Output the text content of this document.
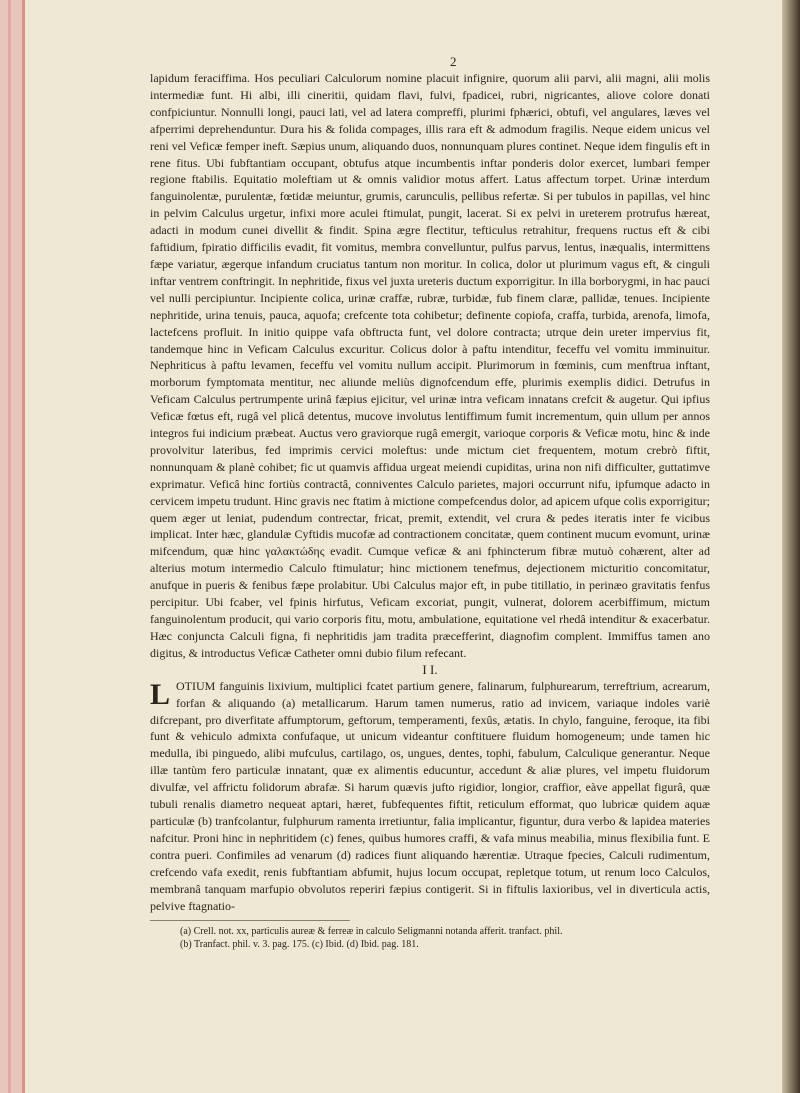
2

lapidum feraciffima. Hos peculiari Calculorum nomine placuit infignire, quorum alii parvi, alii magni, alii molis intermediæ funt. Hi albi, illi cineritii, quidam flavi, fulvi, fpadicei, rubri, nigricantes, aliove colore donati confpiciuntur. Nonnulli longi, pauci lati, vel ad latera compreffi, plurimi fphærici, obtufi, vel angulares, læves vel afperrimi deprehenduntur. Dura his & folida compages, illis rara eft & admodum fragilis. Neque eidem unicus vel reni vel Veficæ femper ineft. Sæpius unum, aliquando duos, nonnunquam plures continet. Neque idem fingulis eft in rene fitus. Ubi fubftantiam occupant, obtufus atque incumbentis inftar ponderis dolor exercet, lumbari femper regione ftabilis. Equitatio moleftiam ut & omnis validior motus affert. Latus affectum torpet. Urinæ interdum fanguinolentæ, purulentæ, fœtidæ meiuntur, grumis, carunculis, pellibus refertæ. Si per tubulos in papillas, vel hinc in pelvim Calculus urgetur, infixi more aculei ftimulat, pungit, lacerat. Si ex pelvi in ureterem protrufus hæreat, adacti in modum cunei divellit & findit. Spina ægre flectitur, tefticulus retrahitur, frequens ructus eft & cibi faftidium, fpiratio difficilis evadit, fit vomitus, membra convelluntur, pulfus parvus, lentus, inæqualis, intermittens fæpe variatur, ægerque infandum cruciatus tantum non moritur. In colica, dolor ut plurimum vagus eft, & cinguli inftar ventrem conftringit. In nephritide, fixus vel juxta ureteris ductum exporrigitur. In illa borborygmi, in hac pauci vel nulli percipiuntur. Incipiente colica, urinæ craffæ, rubræ, turbidæ, fub finem claræ, pallidæ, tenues. Incipiente nephritide, urina tenuis, pauca, aquofa; crefcente tota cohibetur; definente copiofa, craffa, turbida, arenofa, limofa, lactefcens profluit. In initio quippe vafa obftructa funt, vel dolore contracta; utrque dein ureter impervius fit, tandemque hinc in Veficam Calculus excuritur. Colicus dolor à paftu intenditur, feceffu vel vomitu imminuitur. Nephriticus à paftu levamen, feceffu vel vomitu nullum accipit. Plurimorum in fœminis, cum menftrua inftant, morborum fymptomata mentitur, nec aliunde meliùs dignofcendum effe, plurimis exemplis didici. Detrufus in Veficam Calculus pertrumpente urinâ fæpius ejicitur, vel urinæ intra veficam innatans crefcit & augetur. Qui ipfius Veficæ fœtus eft, rugâ vel plicâ detentus, mucove involutus lentiffimum fumit incrementum, quin ullum per annos integros fui indicium præbeat. Auctus vero graviorque rugâ emergit, varioque corporis & Veficæ motu, hinc & inde provolvitur lateribus, fed imprimis cervici moleftus: unde mictum ciet frequentem, motum crebrò fiftit, nonnunquam & planè cohibet; fic ut quamvis affidua urgeat meiendi cupiditas, urina non nifi difficulter, guttatimve exprimatur. Veficâ hinc fortiùs contractâ, conniventes Calculo parietes, majori occurrunt nifu, ipfumque adacto in cervicem impetu trudunt. Hinc gravis nec ftatim à mictione compefcendus dolor, ad apicem ufque colis exporrigitur; quem æger ut leniat, pudendum contrectar, fricat, premit, extendit, vel crura & pedes iteratis inter fe vicibus implicat. Inter hæc, glandulæ Cyftidis mucofæ ad contractionem concitatæ, quem continent mucum evomunt, urinæ mifcendum, quæ hinc γαλακτώδης evadit. Cumque veficæ & ani fphincterum fibræ mutuò cohærent, alter ad alterius motum intermedio Calculo ftimulatur; hinc mictionem tenefmus, dejectionem micturitio concomitatur, anufque in pueris & fenibus fæpe prolabitur. Ubi Calculus major eft, in pube titillatio, in perinæo gravitatis fenfus percipitur. Ubi fcaber, vel fpinis hirfutus, Veficam excoriat, pungit, vulnerat, dolorem acerbiffimum, mictum fanguinolentum producit, qui vario corporis fitu, motu, ambulatione, equitatione vel rhedâ intenditur & exacerbatur. Hæc conjuncta Calculi figna, fi nephritidis jam tradita præcefferint, diagnofim complent. Immiffus tamen ano digitus, & introductus Veficæ Catheter omni dubio filum refecant.

I I.

L OTIUM fanguinis lixivium, multiplici fcatet partium genere, falinarum, fulphurearum, terreftrium, acrearum, forfan & aliquando (a) metallicarum. Harum tamen numerus, ratio ad invicem, variaque indoles variè difcrepant, pro diverfitate affumptorum, geftorum, temperamenti, fexûs, ætatis. In chylo, fanguine, feroque, ita fibi funt & vehiculo admixta confufaque, ut unicum videantur conftituere fluidum homogeneum; unde tamen hic medulla, ibi pinguedo, alibi mufculus, cartilago, os, ungues, dentes, tophi, fabulum, Calculique generantur. Neque illæ tantùm fero particulæ innatant, quæ ex alimentis educuntur, accedunt & aliæ plures, vel impetu fluidorum divulfæ, vel affrictu folidorum abrafæ. Si harum quævis jufto rigidior, longior, craffior, eàve appellat figurâ, quæ tubuli renalis diametro nequeat aptari, hæret, fubfequentes fiftit, reticulum efformat, quo lubricæ quidem aquæ particulæ (b) tranfcolantur, fulphurum ramenta irretiuntur, falia implicantur, figuntur, dura verbo & lapidea materies nafcitur. Proni hinc in nephritidem (c) fenes, quibus humores craffi, & vafa minus meabilia, minus flexibilia funt. E contra pueri. Confimiles ad venarum (d) radices fiunt aliquando hærentiæ. Utraque fpecies, Calculi rudimentum, crefcendo vafa exedit, renis fubftantiam abfumit, hujus locum occupat, repletque totum, ut renum loco Calculos, membranâ tanquam marfupio obvolutos reperiri fæpius contigerit. Si in fiftulis laxioribus, vel in diverticula actis, pelvive ftagnatio-

(a) Crell. not. xx, particulis aureæ & ferreæ in calculo Seligmanni notanda afferit. tranfact. phil.

(b) Tranfact. phil. v. 3. pag. 175. (c) Ibid. (d) Ibid. pag. 181.
